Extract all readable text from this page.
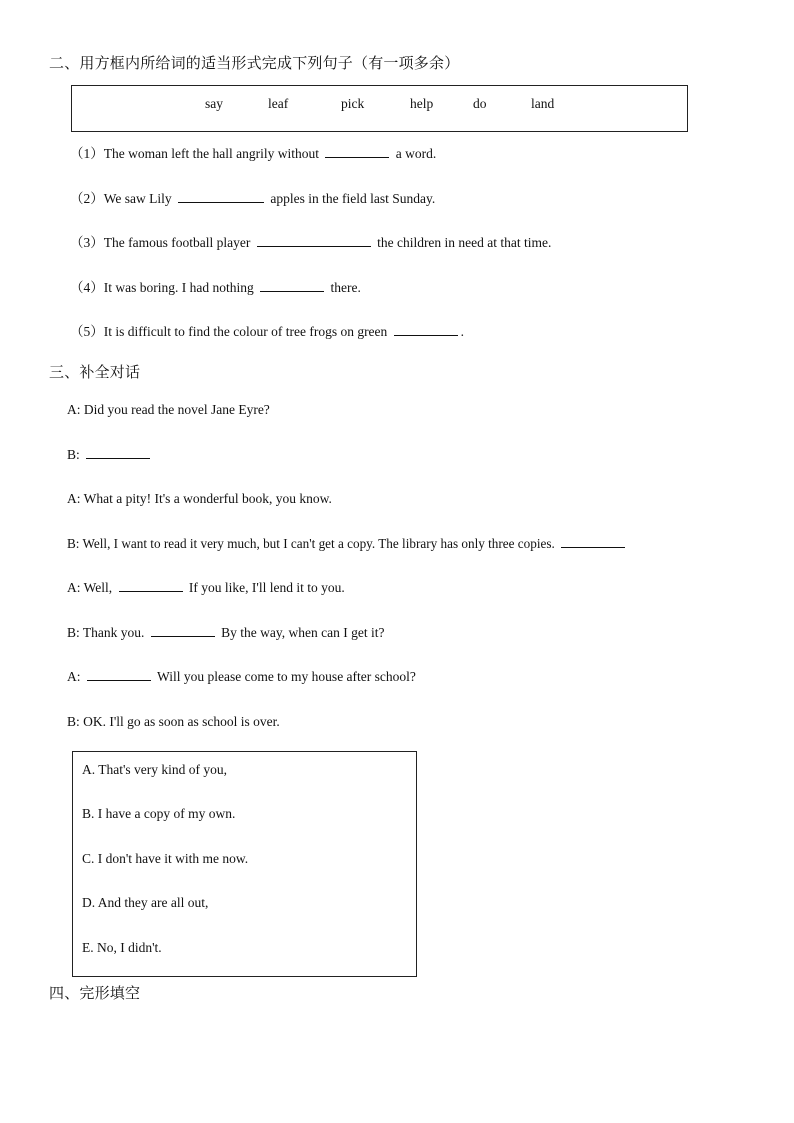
二、用方框内所给词的适当形式完成下列句子（有一项多余）
say	leaf	pick	help	do	land
（1）The woman left the hall angrily without	a word.
（2）We saw Lily	apples in the field last Sunday.
（3）The famous football player	the children in need at that time.
（4）It was boring. I had nothing	there.
（5）It is difficult to find the colour of tree frogs on green	.
三、补全对话
A: Did you read the novel Jane Eyre?
B:
A: What a pity! It's a wonderful book, you know.
B: Well, I want to read it very much, but I can't get a copy. The library has only three copies.
A: Well,	If you like, I'll lend it to you.
B: Thank you.	By the way, when can I get it?
A:	Will you please come to my house after school?
B: OK. I'll go as soon as school is over.
A. That's very kind of you,
B. I have a copy of my own.
C. I don't have it with me now.
D. And they are all out,
E. No, I didn't.
四、完形填空
